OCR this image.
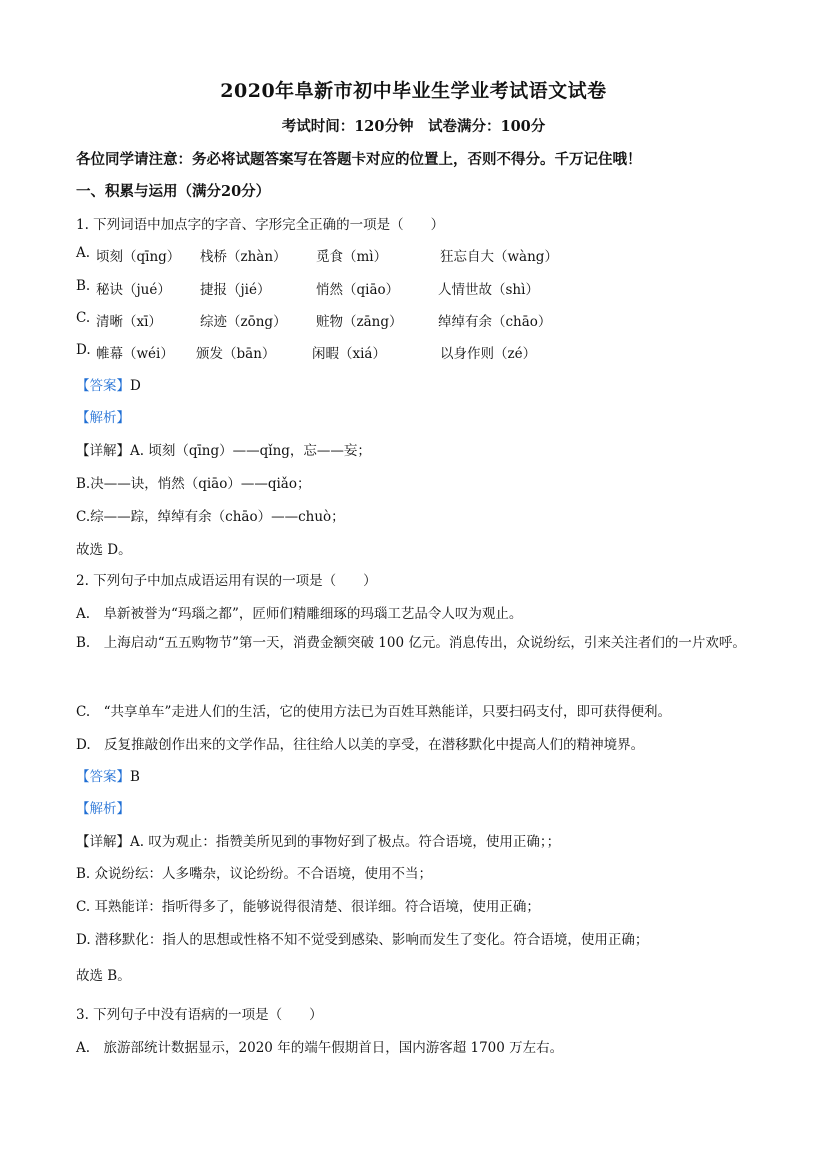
2020年阜新市初中毕业生学业考试语文试卷
考试时间：120分钟　试卷满分：100分
各位同学请注意：务必将试题答案写在答题卡对应的位置上，否则不得分。千万记住哦！
一、积累与运用（满分20分）
1. 下列词语中加点字的字音、字形完全正确的一项是（　　）
A. 顷刻（qīng） 栈桥（zhàn） 觅食（mì）	狂忘自大（wàng）
B. 秘诀（jué） 捷报（jié）	悄然（qiāo）	人情世故（shì）
C. 清晰（xī）	综迹（zōng） 赃物（zāng）	绰绰有余（chāo）
D. 帷幕（wéi） 颁发（bān）	闲暇（xiá）	以身作则（zé）
【答案】D
【解析】
【详解】A. 顷刻（qīng）——qǐng，忘——妄；
B.决——诀，悄然（qiāo）——qiǎo；
C.综——踪，绰绰有余（chāo）——chuò；
故选 D。
2. 下列句子中加点成语运用有误的一项是（　　）
A.　阜新被誉为“玛瑙之都”，匠师们精雕细琢的玛瑙工艺品令人叹为观止。
B.　上海启动“五五购物节”第一天，消费金额突破 100 亿元。消息传出，众说纷纭，引来关注者们的一片欢呼。
C.　“共享单车”走进人们的生活，它的使用方法已为百姓耳熟能详，只要扫码支付，即可获得便利。
D.　反复推敲创作出来的文学作品，往往给人以美的享受，在潜移默化中提高人们的精神境界。
【答案】B
【解析】
【详解】A. 叹为观止：指赞美所见到的事物好到了极点。符合语境，使用正确；；
B. 众说纷纭：人多嘴杂，议论纷纷。不合语境，使用不当；
C. 耳熟能详：指听得多了，能够说得很清楚、很详细。符合语境，使用正确；
D. 潜移默化：指人的思想或性格不知不觉受到感染、影响而发生了变化。符合语境，使用正确；
故选 B。
3. 下列句子中没有语病的一项是（　　）
A.　旅游部统计数据显示，2020 年的端午假期首日，国内游客超 1700 万左右。
